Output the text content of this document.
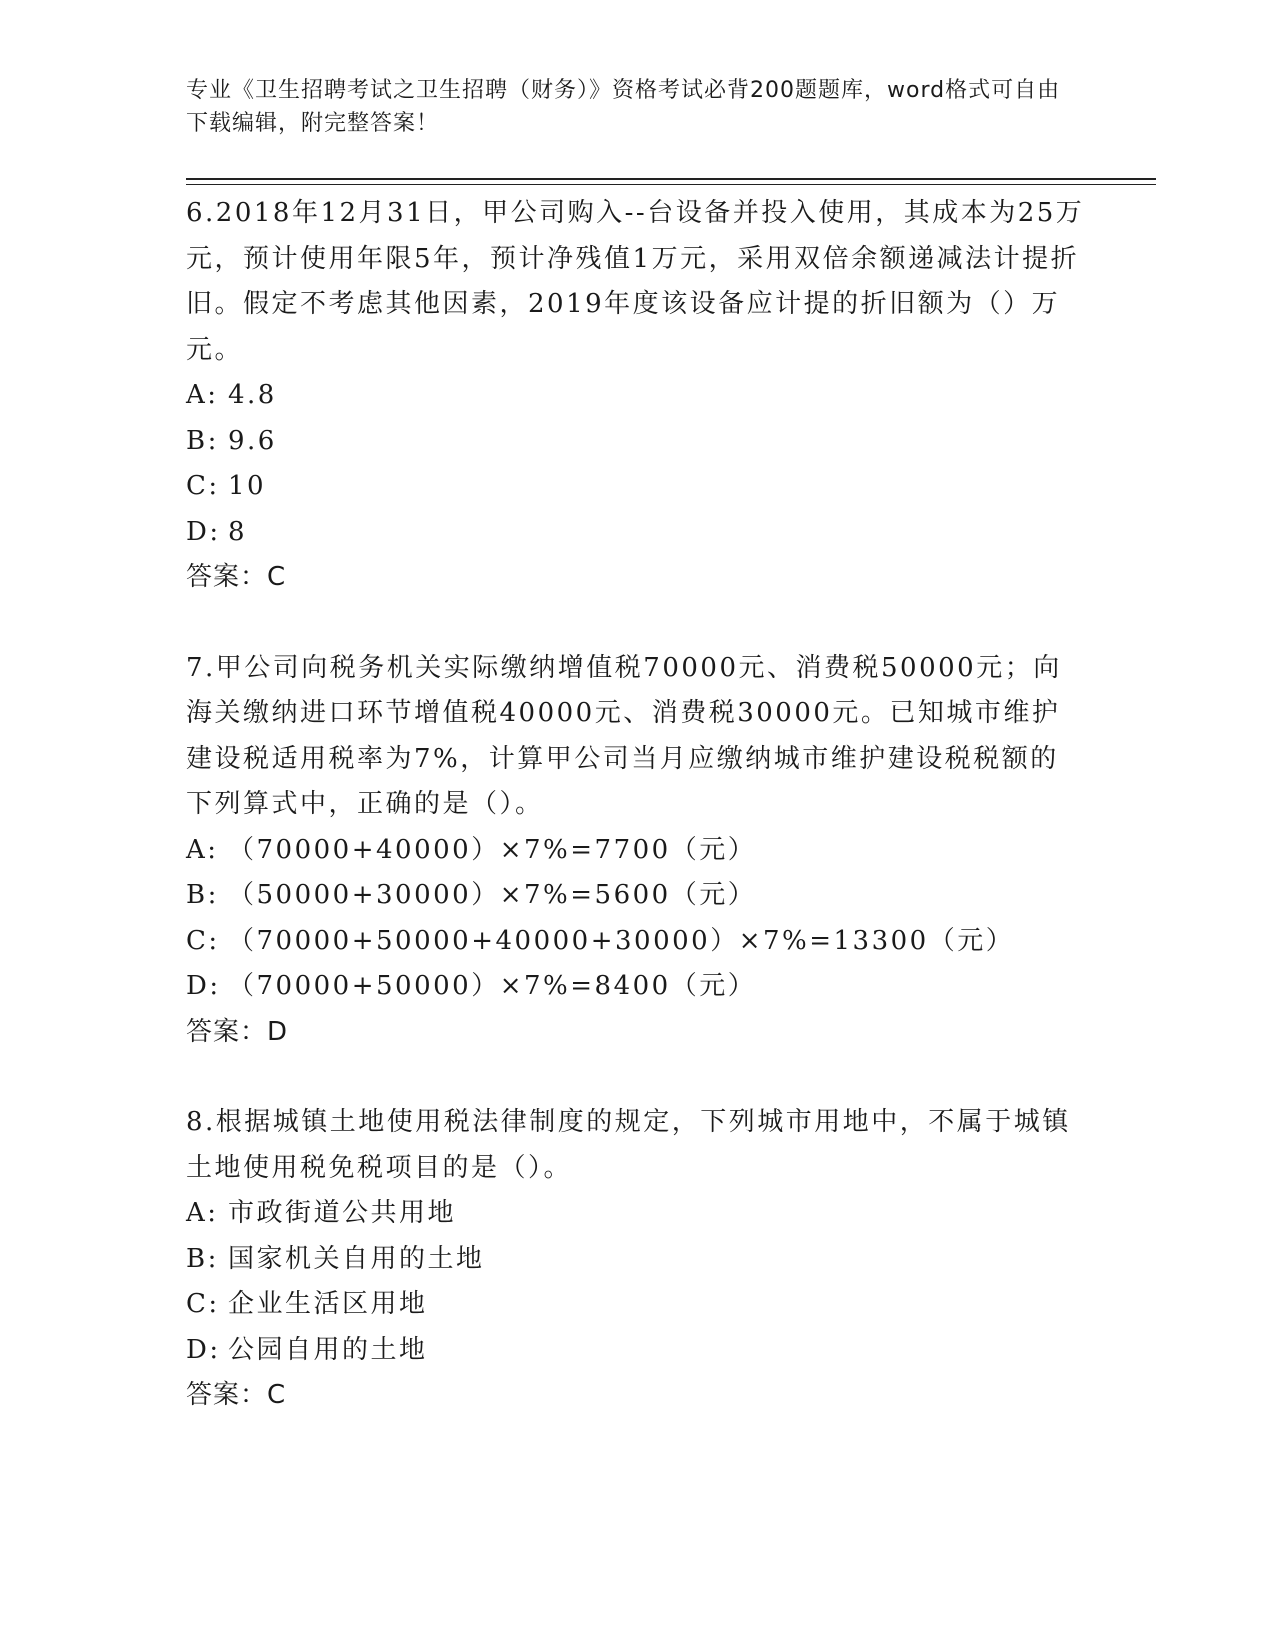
专业《卫生招聘考试之卫生招聘（财务）》资格考试必背200题题库，word格式可自由下载编辑，附完整答案！

6.2018年12月31日，甲公司购入--台设备并投入使用，其成本为25万元，预计使用年限5年，预计净残值1万元，采用双倍余额递减法计提折旧。假定不考虑其他因素，2019年度该设备应计提的折旧额为（）万元。

A: 4.8
B: 9.6
C: 10
D: 8
答案：C

7.甲公司向税务机关实际缴纳增值税70000元、消费税50000元；向海关缴纳进口环节增值税40000元、消费税30000元。已知城市维护建设税适用税率为7%，计算甲公司当月应缴纳城市维护建设税税额的下列算式中，正确的是（）。

A: （70000+40000）×7%=7700（元）
B: （50000+30000）×7%=5600（元）
C: （70000+50000+40000+30000）×7%=13300（元）
D: （70000+50000）×7%=8400（元）
答案：D

8.根据城镇土地使用税法律制度的规定，下列城市用地中，不属于城镇土地使用税免税项目的是（）。

A: 市政街道公共用地
B: 国家机关自用的土地
C: 企业生活区用地
D: 公园自用的土地
答案：C
